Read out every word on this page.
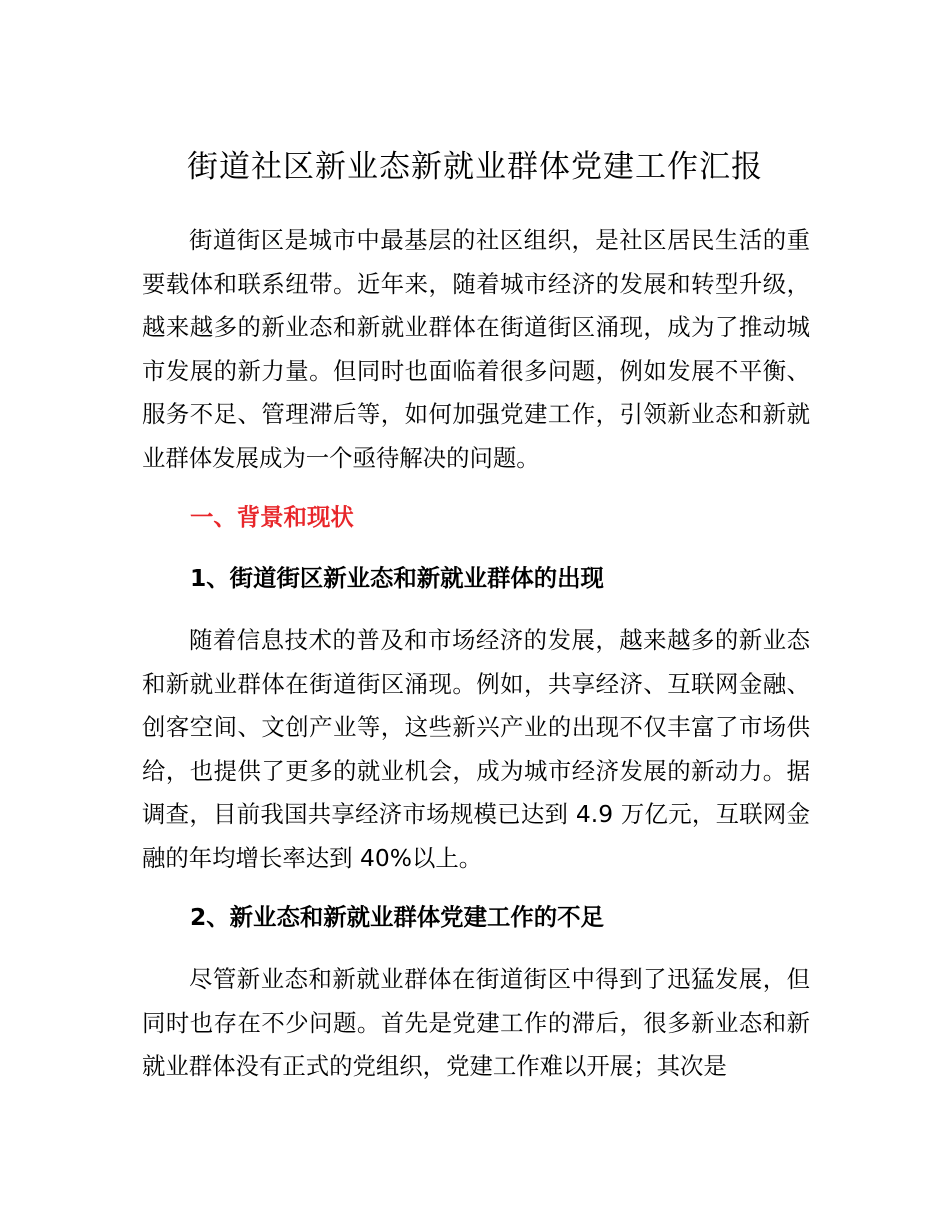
街道社区新业态新就业群体党建工作汇报

街道街区是城市中最基层的社区组织，是社区居民生活的重要载体和联系纽带。近年来，随着城市经济的发展和转型升级，越来越多的新业态和新就业群体在街道街区涌现，成为了推动城市发展的新力量。但同时也面临着很多问题，例如发展不平衡、服务不足、管理滞后等，如何加强党建工作，引领新业态和新就业群体发展成为一个亟待解决的问题。

一、背景和现状
1、街道街区新业态和新就业群体的出现

随着信息技术的普及和市场经济的发展，越来越多的新业态和新就业群体在街道街区涌现。例如，共享经济、互联网金融、创客空间、文创产业等，这些新兴产业的出现不仅丰富了市场供给，也提供了更多的就业机会，成为城市经济发展的新动力。据调查，目前我国共享经济市场规模已达到 4.9 万亿元，互联网金融的年均增长率达到 40%以上。

2、新业态和新就业群体党建工作的不足

尽管新业态和新就业群体在街道街区中得到了迅猛发展，但同时也存在不少问题。首先是党建工作的滞后，很多新业态和新就业群体没有正式的党组织，党建工作难以开展；其次是
